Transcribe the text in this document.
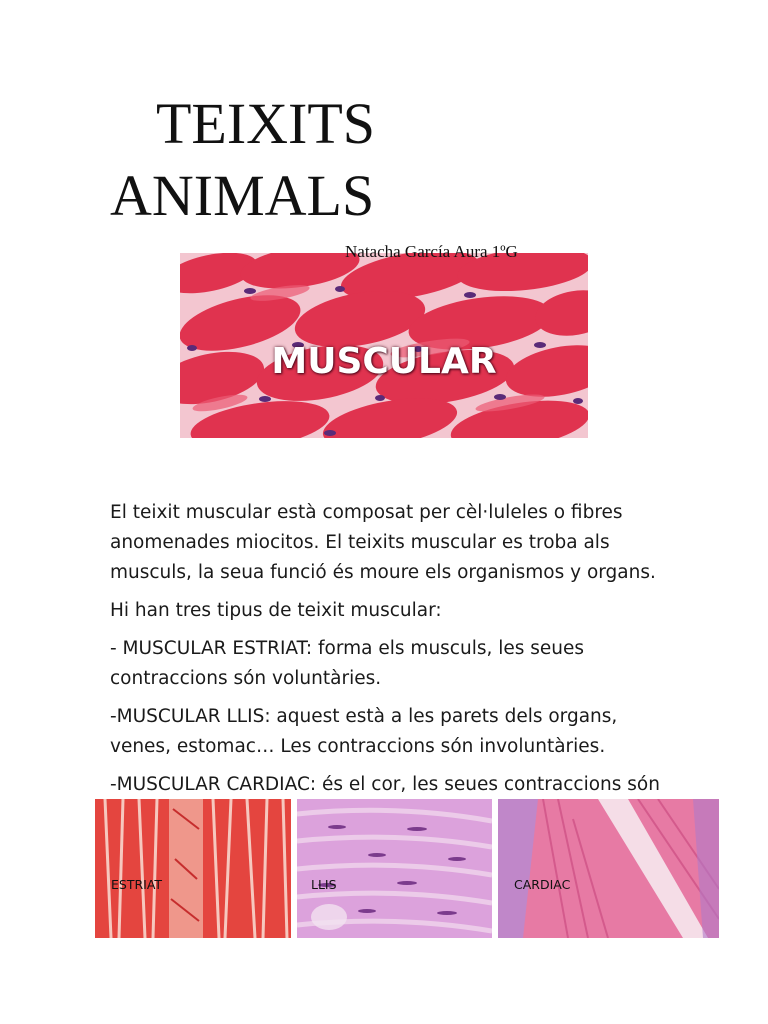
TEIXITS
ANIMALS
Natacha García Aura 1ºG
MUSCULAR

El teixit muscular està composat per cèl·luleles o fibres anomenades miocitos. El teixits muscular es troba als musculs, la seua funció és moure els organismos y organs.

Hi han tres tipus de teixit muscular:

- MUSCULAR ESTRIAT: forma els musculs, les seues contraccions són voluntàries.

-MUSCULAR LLIS: aquest està a les parets dels organs, venes, estomac… Les contraccions són involuntàries.

-MUSCULAR CARDIAC: és el cor, les seues contraccions són

ESTRIAT	LLIS	CARDIAC
